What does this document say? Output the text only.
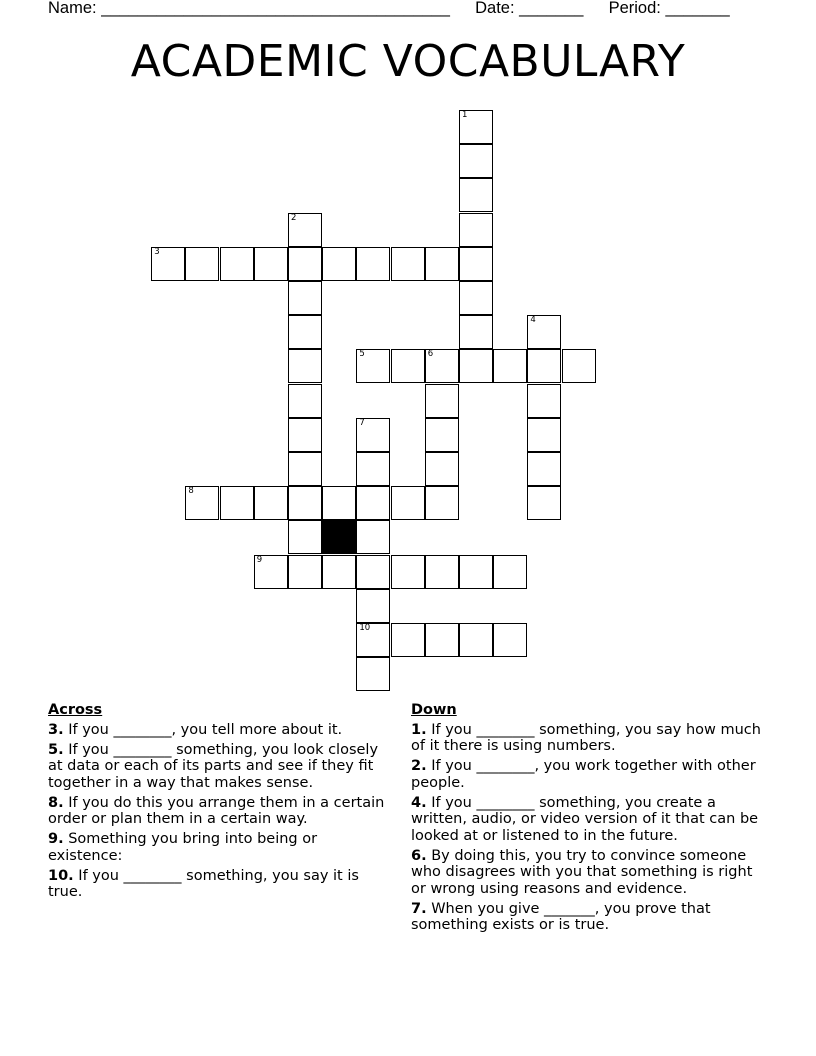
Name: ______________________________________ Date: _______ Period: _______
ACADEMIC VOCABULARY
1
2
3
4
5	6
7
10
8
9
Across
3. If you ________, you tell more about it.
5. If you ________ something, you look closely at data or each of its parts and see if they fit together in a way that makes sense.
8. If you do this you arrange them in a certain order or plan them in a certain way.
9. Something you bring into being or existence:
10. If you ________ something, you say it is true.
Down
1. If you ________ something, you say how much of it there is using numbers.
2. If you ________, you work together with other people.
4. If you ________ something, you create a written, audio, or video version of it that can be looked at or listened to in the future.
6. By doing this, you try to convince someone who disagrees with you that something is right or wrong using reasons and evidence.
7. When you give _______, you prove that something exists or is true.
